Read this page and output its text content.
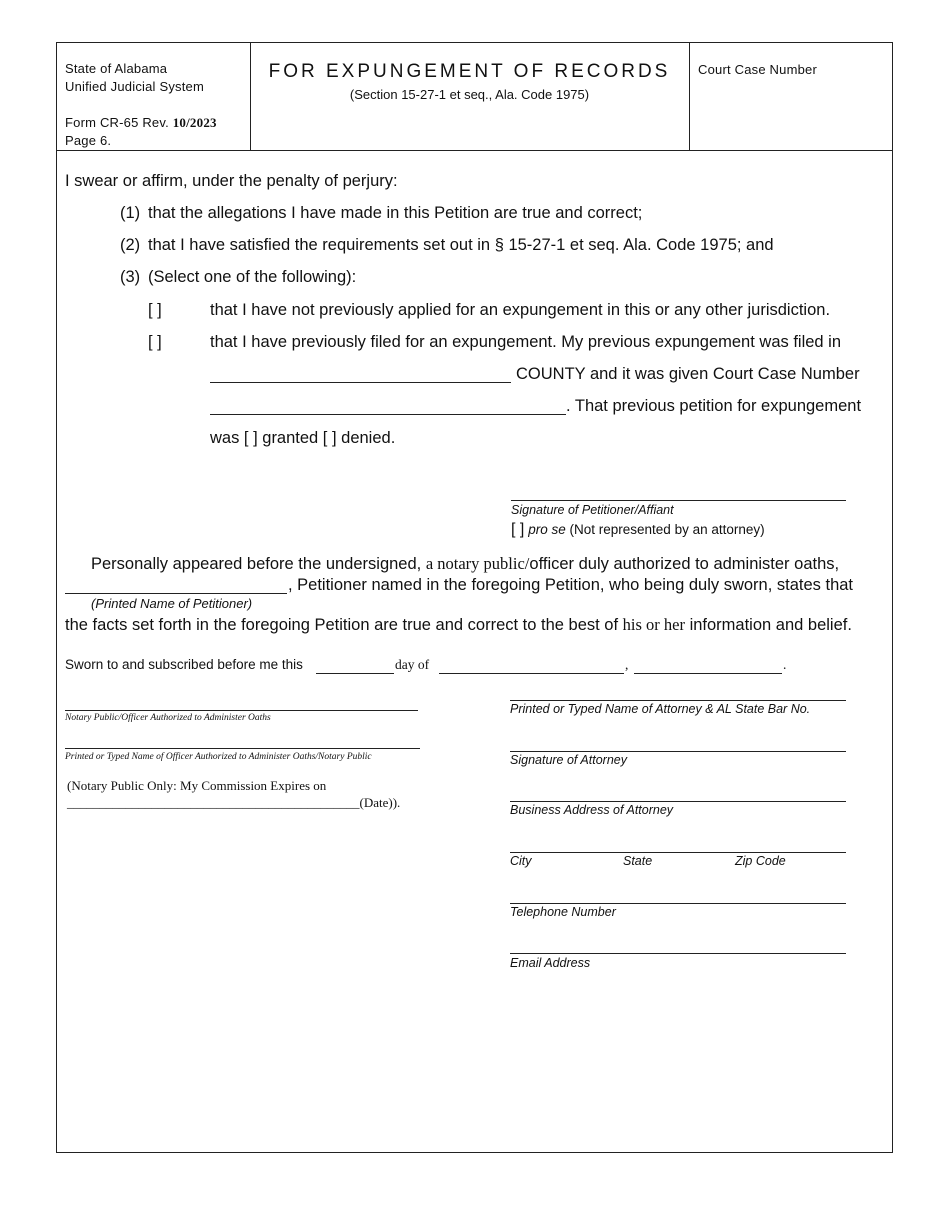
State of Alabama
Unified Judicial System
Form CR-65 Rev. 10/2023
Page 6.
FOR EXPUNGEMENT OF RECORDS
(Section 15-27-1 et seq., Ala. Code 1975)
Court Case Number
I swear or affirm, under the penalty of perjury:
(1) that the allegations I have made in this Petition are true and correct;
(2) that I have satisfied the requirements set out in § 15-27-1 et seq. Ala. Code 1975; and
(3) (Select one of the following):
[ ]	that I have not previously applied for an expungement in this or any other jurisdiction.
[ ]	that I have previously filed for an expungement. My previous expungement was filed in
COUNTY and it was given Court Case Number
. That previous petition for expungement
was [ ] granted [ ] denied.
Signature of Petitioner/Affiant
[ ] pro se (Not represented by an attorney)
Personally appeared before the undersigned, a notary public/officer duly authorized to administer oaths,
, Petitioner named in the foregoing Petition, who being duly sworn, states that
(Printed Name of Petitioner)
the facts set forth in the foregoing Petition are true and correct to the best of his or her information and belief.
Sworn to and subscribed before me this	day of	,	.
Notary Public/Officer Authorized to Administer Oaths
Printed or Typed Name of Officer Authorized to Administer Oaths/Notary Public
(Notary Public Only: My Commission Expires on
_____________________________________________(Date)).
Printed or Typed Name of Attorney & AL State Bar No.
Signature of Attorney
Business Address of Attorney
City	State	Zip Code
Telephone Number
Email Address
